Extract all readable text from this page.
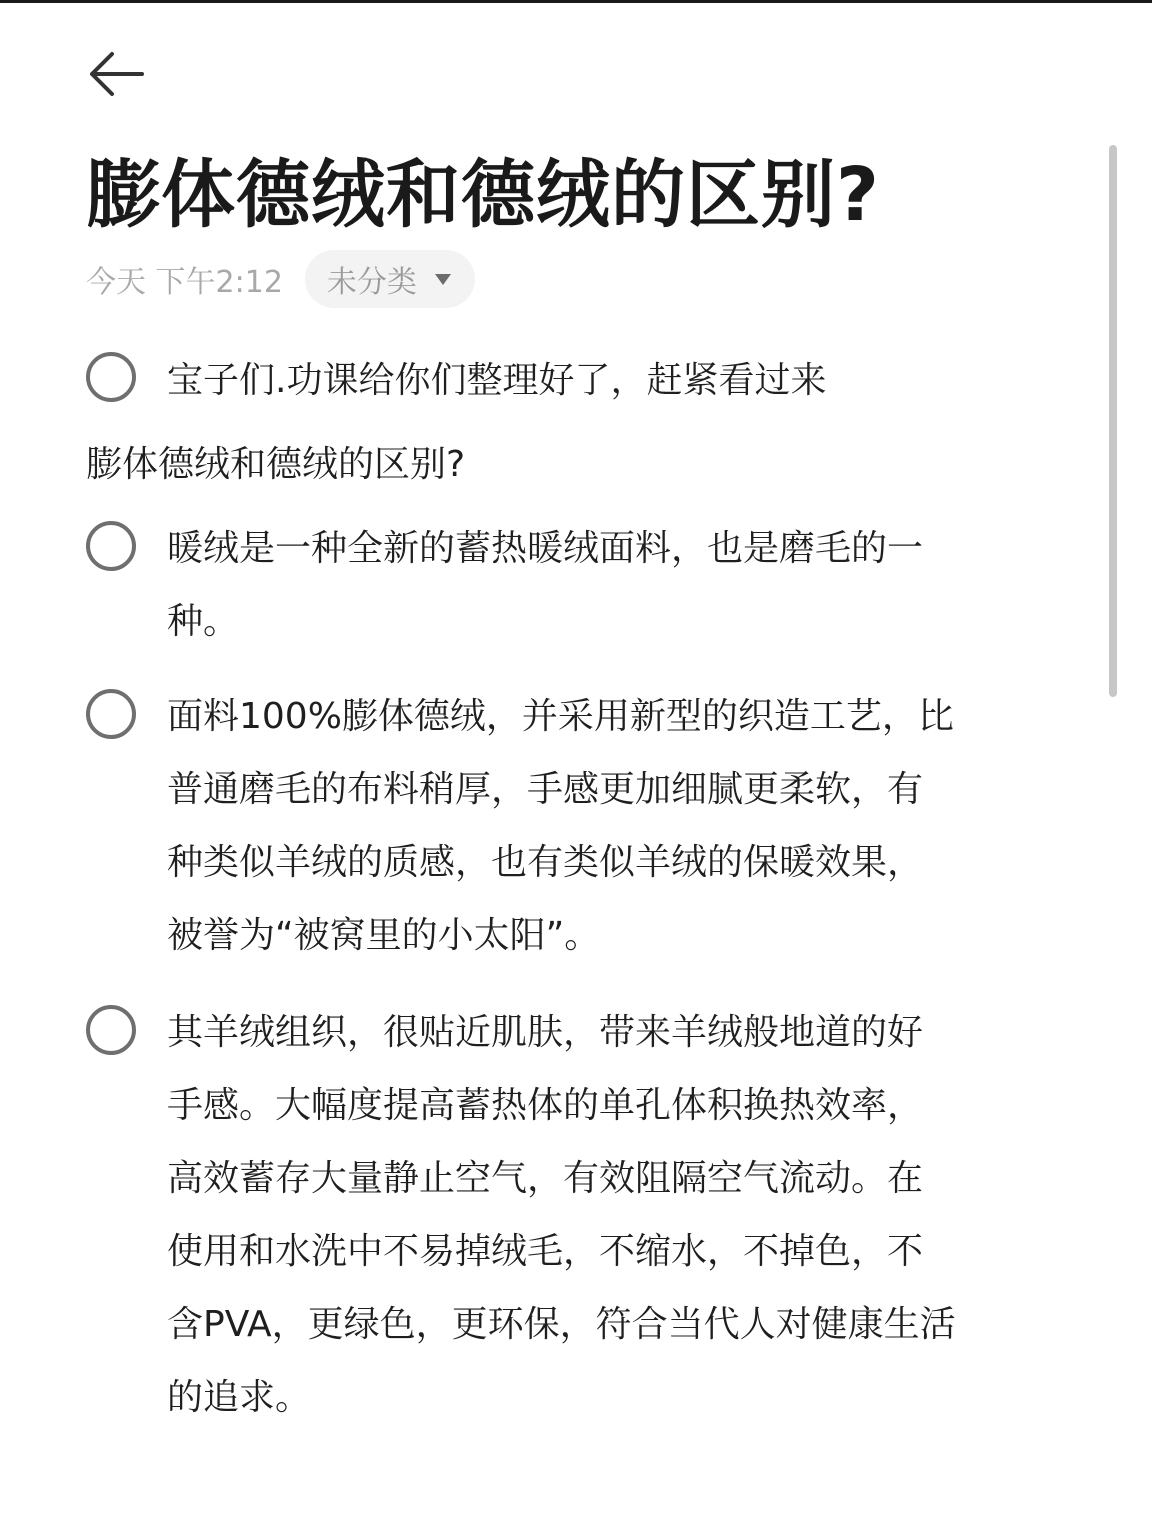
膨体德绒和德绒的区别?
今天 下午2:12 未分类

宝子们.功课给你们整理好了，赶紧看过来

膨体德绒和德绒的区别?

暖绒是一种全新的蓄热暖绒面料，也是磨毛的一
种。

面料100%膨体德绒，并采用新型的织造工艺，比
普通磨毛的布料稍厚，手感更加细腻更柔软，有
种类似羊绒的质感，也有类似羊绒的保暖效果，
被誉为“被窝里的小太阳”。

其羊绒组织，很贴近肌肤，带来羊绒般地道的好
手感。大幅度提高蓄热体的单孔体积换热效率，
高效蓄存大量静止空气，有效阻隔空气流动。在
使用和水洗中不易掉绒毛，不缩水，不掉色，不
含PVA，更绿色，更环保，符合当代人对健康生活
的追求。
